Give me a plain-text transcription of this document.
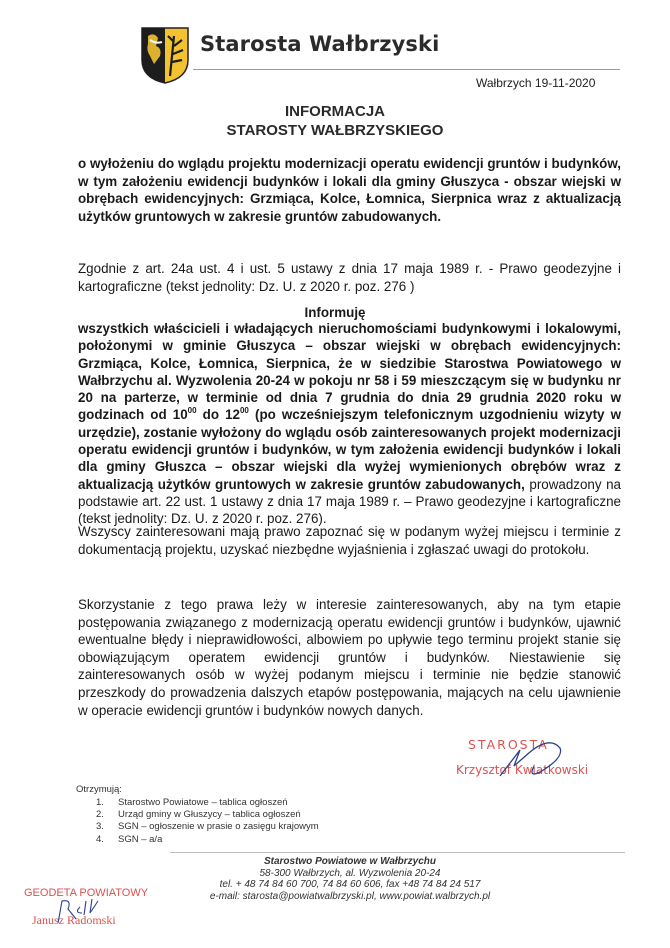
Starosta Wałbrzyski
Wałbrzych 19-11-2020
INFORMACJA
STAROSTY WAŁBRZYSKIEGO
o wyłożeniu do wglądu projektu modernizacji operatu ewidencji gruntów i budynków, w tym założeniu ewidencji budynków i lokali dla gminy Głuszyca - obszar wiejski w obrębach ewidencyjnych: Grzmiąca, Kolce, Łomnica, Sierpnica wraz z aktualizacją użytków gruntowych w zakresie gruntów zabudowanych.
Zgodnie z art. 24a ust. 4 i ust. 5 ustawy z dnia 17 maja 1989 r. - Prawo geodezyjne i kartograficzne (tekst jednolity: Dz. U. z 2020 r. poz. 276 )
Informuję
wszystkich właścicieli i władających nieruchomościami budynkowymi i lokalowymi, położonymi w gminie Głuszyca – obszar wiejski w obrębach ewidencyjnych: Grzmiąca, Kolce, Łomnica, Sierpnica, że w siedzibie Starostwa Powiatowego w Wałbrzychu al. Wyzwolenia 20-24 w pokoju nr 58 i 59 mieszczącym się w budynku nr 20 na parterze, w terminie od dnia 7 grudnia do dnia 29 grudnia 2020 roku w godzinach od $10^{00}$ do $12^{00}$ (po wcześniejszym telefonicznym uzgodnieniu wizyty w urzędzie), zostanie wyłożony do wglądu osób zainteresowanych projekt modernizacji operatu ewidencji gruntów i budynków, w tym założenia ewidencji budynków i lokali dla gminy Głuszca – obszar wiejski dla wyżej wymienionych obrębów wraz z aktualizacją użytków gruntowych w zakresie gruntów zabudowanych, prowadzony na podstawie art. 22 ust. 1 ustawy z dnia 17 maja 1989 r. – Prawo geodezyjne i kartograficzne (tekst jednolity: Dz. U. z 2020 r. poz. 276).
Wszyscy zainteresowani mają prawo zapoznać się w podanym wyżej miejscu i terminie z dokumentacją projektu, uzyskać niezbędne wyjaśnienia i zgłaszać uwagi do protokołu.
Skorzystanie z tego prawa leży w interesie zainteresowanych, aby na tym etapie postępowania związanego z modernizacją operatu ewidencji gruntów i budynków, ujawnić ewentualne błędy i nieprawidłowości, albowiem po upływie tego terminu projekt stanie się obowiązującym operatem ewidencji gruntów i budynków. Niestawienie się zainteresowanych osób w wyżej podanym miejscu i terminie nie będzie stanowić przeszkody do prowadzenia dalszych etapów postępowania, mających na celu ujawnienie w operacie ewidencji gruntów i budynków nowych danych.
STAROSTA
Krzysztof Kwiatkowski
Otrzymują:
1. Starostwo Powiatowe – tablica ogłoszeń
2. Urząd gminy w Głuszycy – tablica ogłoszeń
3. SGN – ogłoszenie w prasie o zasięgu krajowym
4. SGN – a/a
Starostwo Powiatowe w Wałbrzychu
58-300 Wałbrzych, al. Wyzwolenia 20-24
tel. + 48 74 84 60 700, 74 84 60 606, fax +48 74 84 24 517
e-mail: starosta@powiatwalbrzyski.pl, www.powiat.walbrzych.pl
GEODETA POWIATOWY
Janusz Radomski
